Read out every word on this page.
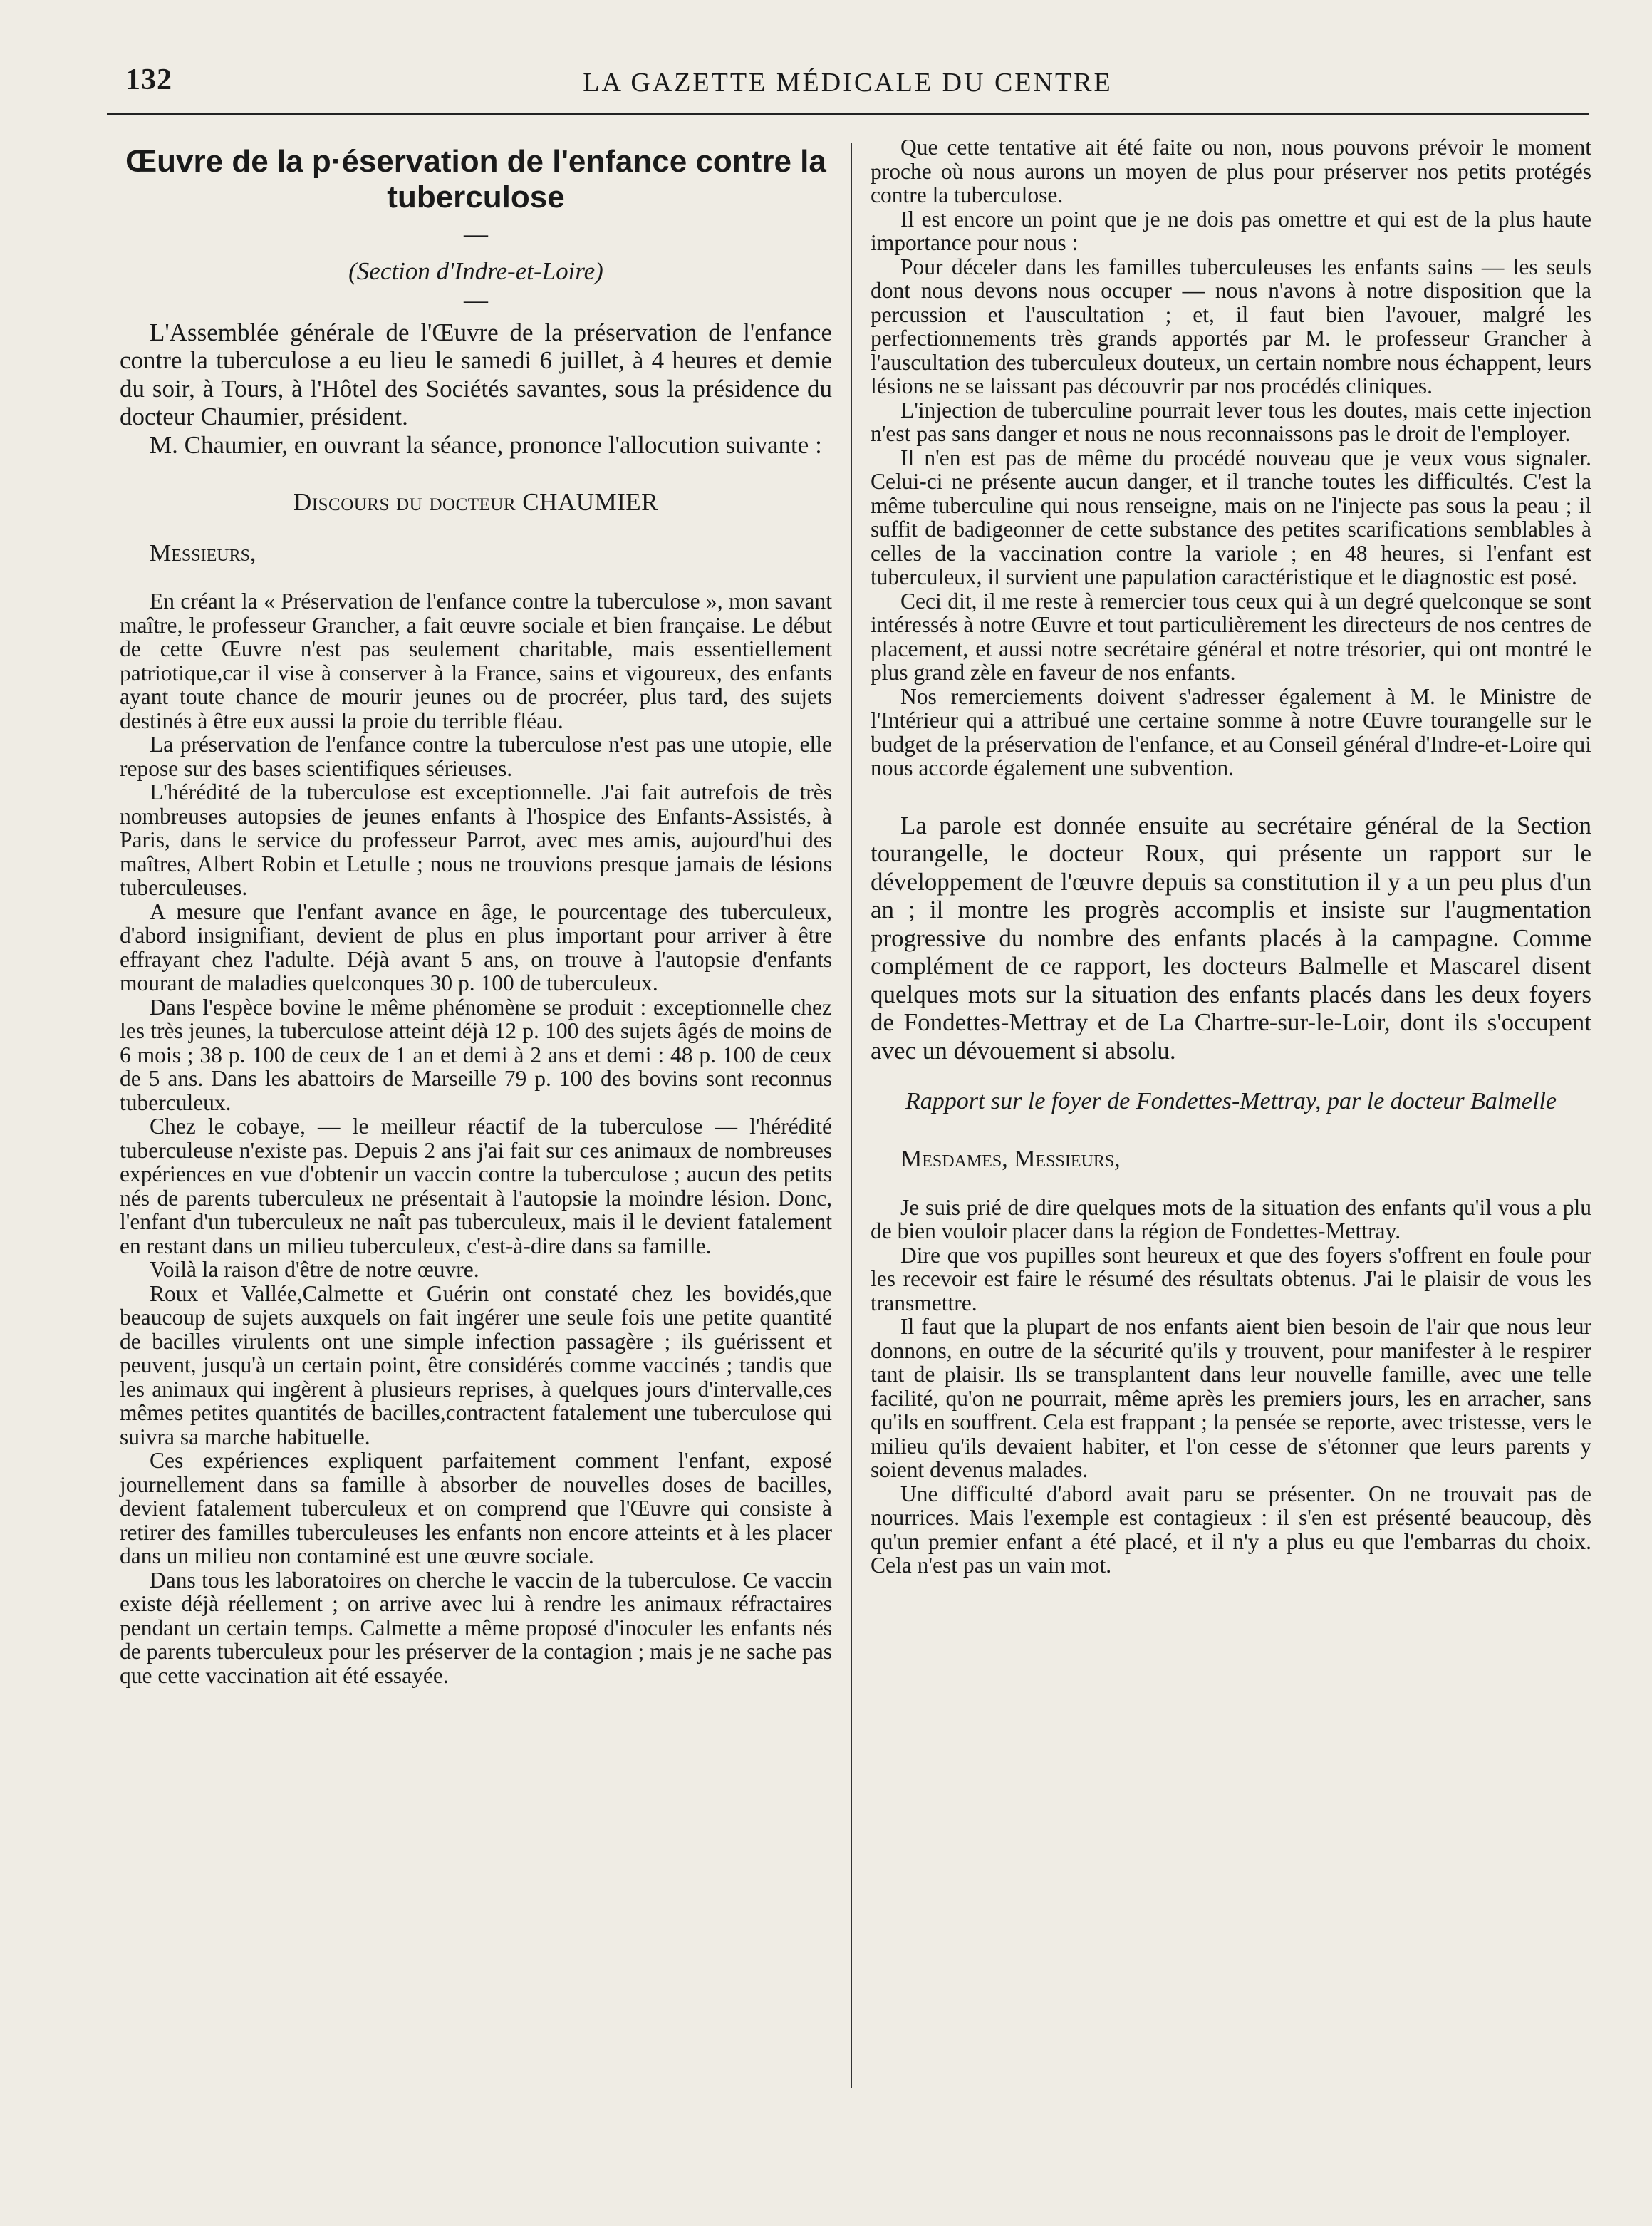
132	LA GAZETTE MÉDICALE DU CENTRE
Œuvre de la p·éservation de l'enfance contre la tuberculose
—
(Section d'Indre-et-Loire)
—

L'Assemblée générale de l'Œuvre de la préservation de l'enfance contre la tuberculose a eu lieu le samedi 6 juillet, à 4 heures et demie du soir, à Tours, à l'Hôtel des Sociétés savantes, sous la présidence du docteur Chaumier, président.

M. Chaumier, en ouvrant la séance, prononce l'allocution suivante :

Discours du docteur CHAUMIER
Messieurs,

En créant la « Préservation de l'enfance contre la tuberculose », mon savant maître, le professeur Grancher, a fait œuvre sociale et bien française. Le début de cette Œuvre n'est pas seulement charitable, mais essentiellement patriotique,car il vise à conserver à la France, sains et vigoureux, des enfants ayant toute chance de mourir jeunes ou de procréer, plus tard, des sujets destinés à être eux aussi la proie du terrible fléau.

La préservation de l'enfance contre la tuberculose n'est pas une utopie, elle repose sur des bases scientifiques sérieuses.

L'hérédité de la tuberculose est exceptionnelle. J'ai fait autrefois de très nombreuses autopsies de jeunes enfants à l'hospice des Enfants-Assistés, à Paris, dans le service du professeur Parrot, avec mes amis, aujourd'hui des maîtres, Albert Robin et Letulle ; nous ne trouvions presque jamais de lésions tuberculeuses.

A mesure que l'enfant avance en âge, le pourcentage des tuberculeux, d'abord insignifiant, devient de plus en plus important pour arriver à être effrayant chez l'adulte. Déjà avant 5 ans, on trouve à l'autopsie d'enfants mourant de maladies quelconques 30 p. 100 de tuberculeux.

Dans l'espèce bovine le même phénomène se produit : exceptionnelle chez les très jeunes, la tuberculose atteint déjà 12 p. 100 des sujets âgés de moins de 6 mois ; 38 p. 100 de ceux de 1 an et demi à 2 ans et demi : 48 p. 100 de ceux de 5 ans. Dans les abattoirs de Marseille 79 p. 100 des bovins sont reconnus tuberculeux.

Chez le cobaye, — le meilleur réactif de la tuberculose — l'hérédité tuberculeuse n'existe pas. Depuis 2 ans j'ai fait sur ces animaux de nombreuses expériences en vue d'obtenir un vaccin contre la tuberculose ; aucun des petits nés de parents tuberculeux ne présentait à l'autopsie la moindre lésion. Donc, l'enfant d'un tuberculeux ne naît pas tuberculeux, mais il le devient fatalement en restant dans un milieu tuberculeux, c'est-à-dire dans sa famille.

Voilà la raison d'être de notre œuvre.

Roux et Vallée,Calmette et Guérin ont constaté chez les bovidés,que beaucoup de sujets auxquels on fait ingérer une seule fois une petite quantité de bacilles virulents ont une simple infection passagère ; ils guérissent et peuvent, jusqu'à un certain point, être considérés comme vaccinés ; tandis que les animaux qui ingèrent à plusieurs reprises, à quelques jours d'intervalle,ces mêmes petites quantités de bacilles,contractent fatalement une tuberculose qui suivra sa marche habituelle.

Ces expériences expliquent parfaitement comment l'enfant, exposé journellement dans sa famille à absorber de nouvelles doses de bacilles, devient fatalement tuberculeux et on comprend que l'Œuvre qui consiste à retirer des familles tuberculeuses les enfants non encore atteints et à les placer dans un milieu non contaminé est une œuvre sociale.

Dans tous les laboratoires on cherche le vaccin de la tuberculose. Ce vaccin existe déjà réellement ; on arrive avec lui à rendre les animaux réfractaires pendant un certain temps. Calmette a même proposé d'inoculer les enfants nés de parents tuberculeux pour les préserver de la contagion ; mais je ne sache pas que cette vaccination ait été essayée.

Que cette tentative ait été faite ou non, nous pouvons prévoir le moment proche où nous aurons un moyen de plus pour préserver nos petits protégés contre la tuberculose.

Il est encore un point que je ne dois pas omettre et qui est de la plus haute importance pour nous :

Pour déceler dans les familles tuberculeuses les enfants sains — les seuls dont nous devons nous occuper — nous n'avons à notre disposition que la percussion et l'auscultation ; et, il faut bien l'avouer, malgré les perfectionnements très grands apportés par M. le professeur Grancher à l'auscultation des tuberculeux douteux, un certain nombre nous échappent, leurs lésions ne se laissant pas découvrir par nos procédés cliniques.

L'injection de tuberculine pourrait lever tous les doutes, mais cette injection n'est pas sans danger et nous ne nous reconnaissons pas le droit de l'employer.

Il n'en est pas de même du procédé nouveau que je veux vous signaler. Celui-ci ne présente aucun danger, et il tranche toutes les difficultés. C'est la même tuberculine qui nous renseigne, mais on ne l'injecte pas sous la peau ; il suffit de badigeonner de cette substance des petites scarifications semblables à celles de la vaccination contre la variole ; en 48 heures, si l'enfant est tuberculeux, il survient une papulation caractéristique et le diagnostic est posé.

Ceci dit, il me reste à remercier tous ceux qui à un degré quelconque se sont intéressés à notre Œuvre et tout particulièrement les directeurs de nos centres de placement, et aussi notre secrétaire général et notre trésorier, qui ont montré le plus grand zèle en faveur de nos enfants.

Nos remerciements doivent s'adresser également à M. le Ministre de l'Intérieur qui a attribué une certaine somme à notre Œuvre tourangelle sur le budget de la préservation de l'enfance, et au Conseil général d'Indre-et-Loire qui nous accorde également une subvention.

La parole est donnée ensuite au secrétaire général de la Section tourangelle, le docteur Roux, qui présente un rapport sur le développement de l'œuvre depuis sa constitution il y a un peu plus d'un an ; il montre les progrès accomplis et insiste sur l'augmentation progressive du nombre des enfants placés à la campagne. Comme complément de ce rapport, les docteurs Balmelle et Mascarel disent quelques mots sur la situation des enfants placés dans les deux foyers de Fondettes-Mettray et de La Chartre-sur-le-Loir, dont ils s'occupent avec un dévouement si absolu.

Rapport sur le foyer de Fondettes-Mettray, par le docteur Balmelle
Mesdames, Messieurs,

Je suis prié de dire quelques mots de la situation des enfants qu'il vous a plu de bien vouloir placer dans la région de Fondettes-Mettray.

Dire que vos pupilles sont heureux et que des foyers s'offrent en foule pour les recevoir est faire le résumé des résultats obtenus. J'ai le plaisir de vous les transmettre.

Il faut que la plupart de nos enfants aient bien besoin de l'air que nous leur donnons, en outre de la sécurité qu'ils y trouvent, pour manifester à le respirer tant de plaisir. Ils se transplantent dans leur nouvelle famille, avec une telle facilité, qu'on ne pourrait, même après les premiers jours, les en arracher, sans qu'ils en souffrent. Cela est frappant ; la pensée se reporte, avec tristesse, vers le milieu qu'ils devaient habiter, et l'on cesse de s'étonner que leurs parents y soient devenus malades.

Une difficulté d'abord avait paru se présenter. On ne trouvait pas de nourrices. Mais l'exemple est contagieux : il s'en est présenté beaucoup, dès qu'un premier enfant a été placé, et il n'y a plus eu que l'embarras du choix. Cela n'est pas un vain mot.
